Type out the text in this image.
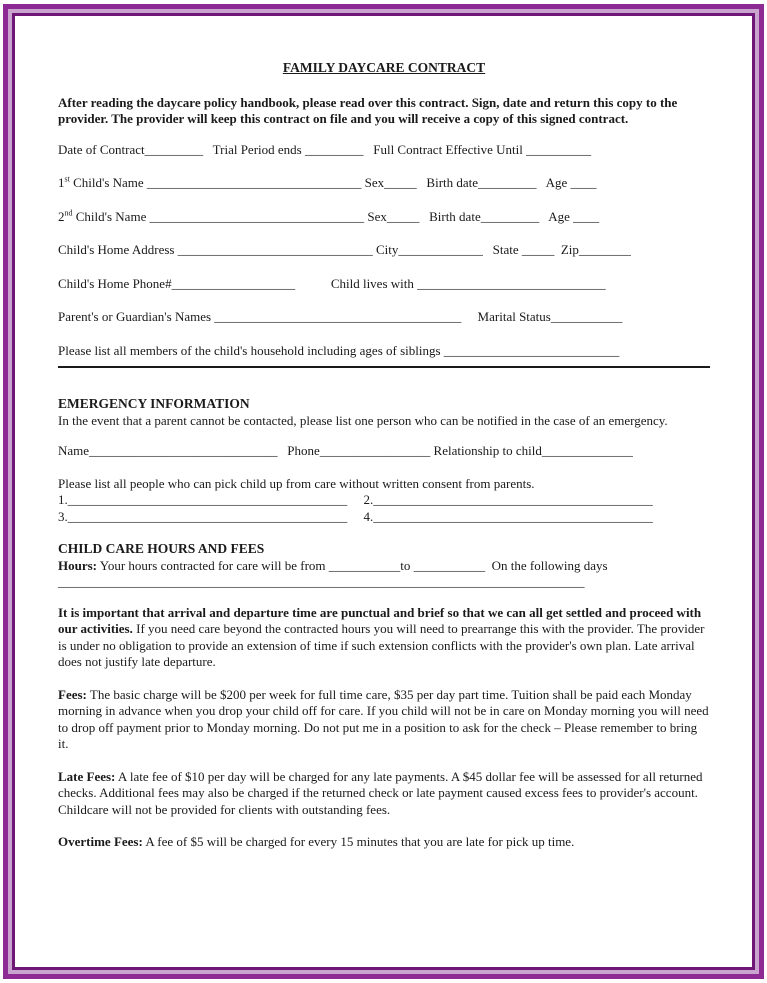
FAMILY DAYCARE CONTRACT
After reading the daycare policy handbook, please read over this contract. Sign, date and return this copy to the provider. The provider will keep this contract on file and you will receive a copy of this signed contract.
Date of Contract_________   Trial Period ends _________   Full Contract Effective Until __________
1st Child's Name _________________________________ Sex_____   Birth date_________   Age ____
2nd Child's Name _________________________________ Sex_____   Birth date_________   Age ____
Child's Home Address ______________________________ City_____________   State _____  Zip________
Child's Home Phone#___________________           Child lives with _____________________________
Parent's or Guardian's Names ______________________________________     Marital Status___________
Please list all members of the child's household including ages of siblings ___________________________
EMERGENCY INFORMATION
In the event that a parent cannot be contacted, please list one person who can be notified in the case of an emergency.
Name_____________________________   Phone_________________ Relationship to child______________
Please list all people who can pick child up from care without written consent from parents.
1.___________________________________________     2.___________________________________________
3.___________________________________________     4.___________________________________________
CHILD CARE HOURS AND FEES
Hours: Your hours contracted for care will be from ___________to ___________  On the following days
_________________________________________________________________________________
It is important that arrival and departure time are punctual and brief so that we can all get settled and proceed with our activities. If you need care beyond the contracted hours you will need to prearrange this with the provider. The provider is under no obligation to provide an extension of time if such extension conflicts with the provider's own plan. Late arrival does not justify late departure.
Fees: The basic charge will be $200 per week for full time care, $35 per day part time. Tuition shall be paid each Monday morning in advance when you drop your child off for care. If you child will not be in care on Monday morning you will need to drop off payment prior to Monday morning. Do not put me in a position to ask for the check – Please remember to bring it.
Late Fees: A late fee of $10 per day will be charged for any late payments. A $45 dollar fee will be assessed for all returned checks. Additional fees may also be charged if the returned check or late payment caused excess fees to provider's account. Childcare will not be provided for clients with outstanding fees.
Overtime Fees: A fee of $5 will be charged for every 15 minutes that you are late for pick up time.
